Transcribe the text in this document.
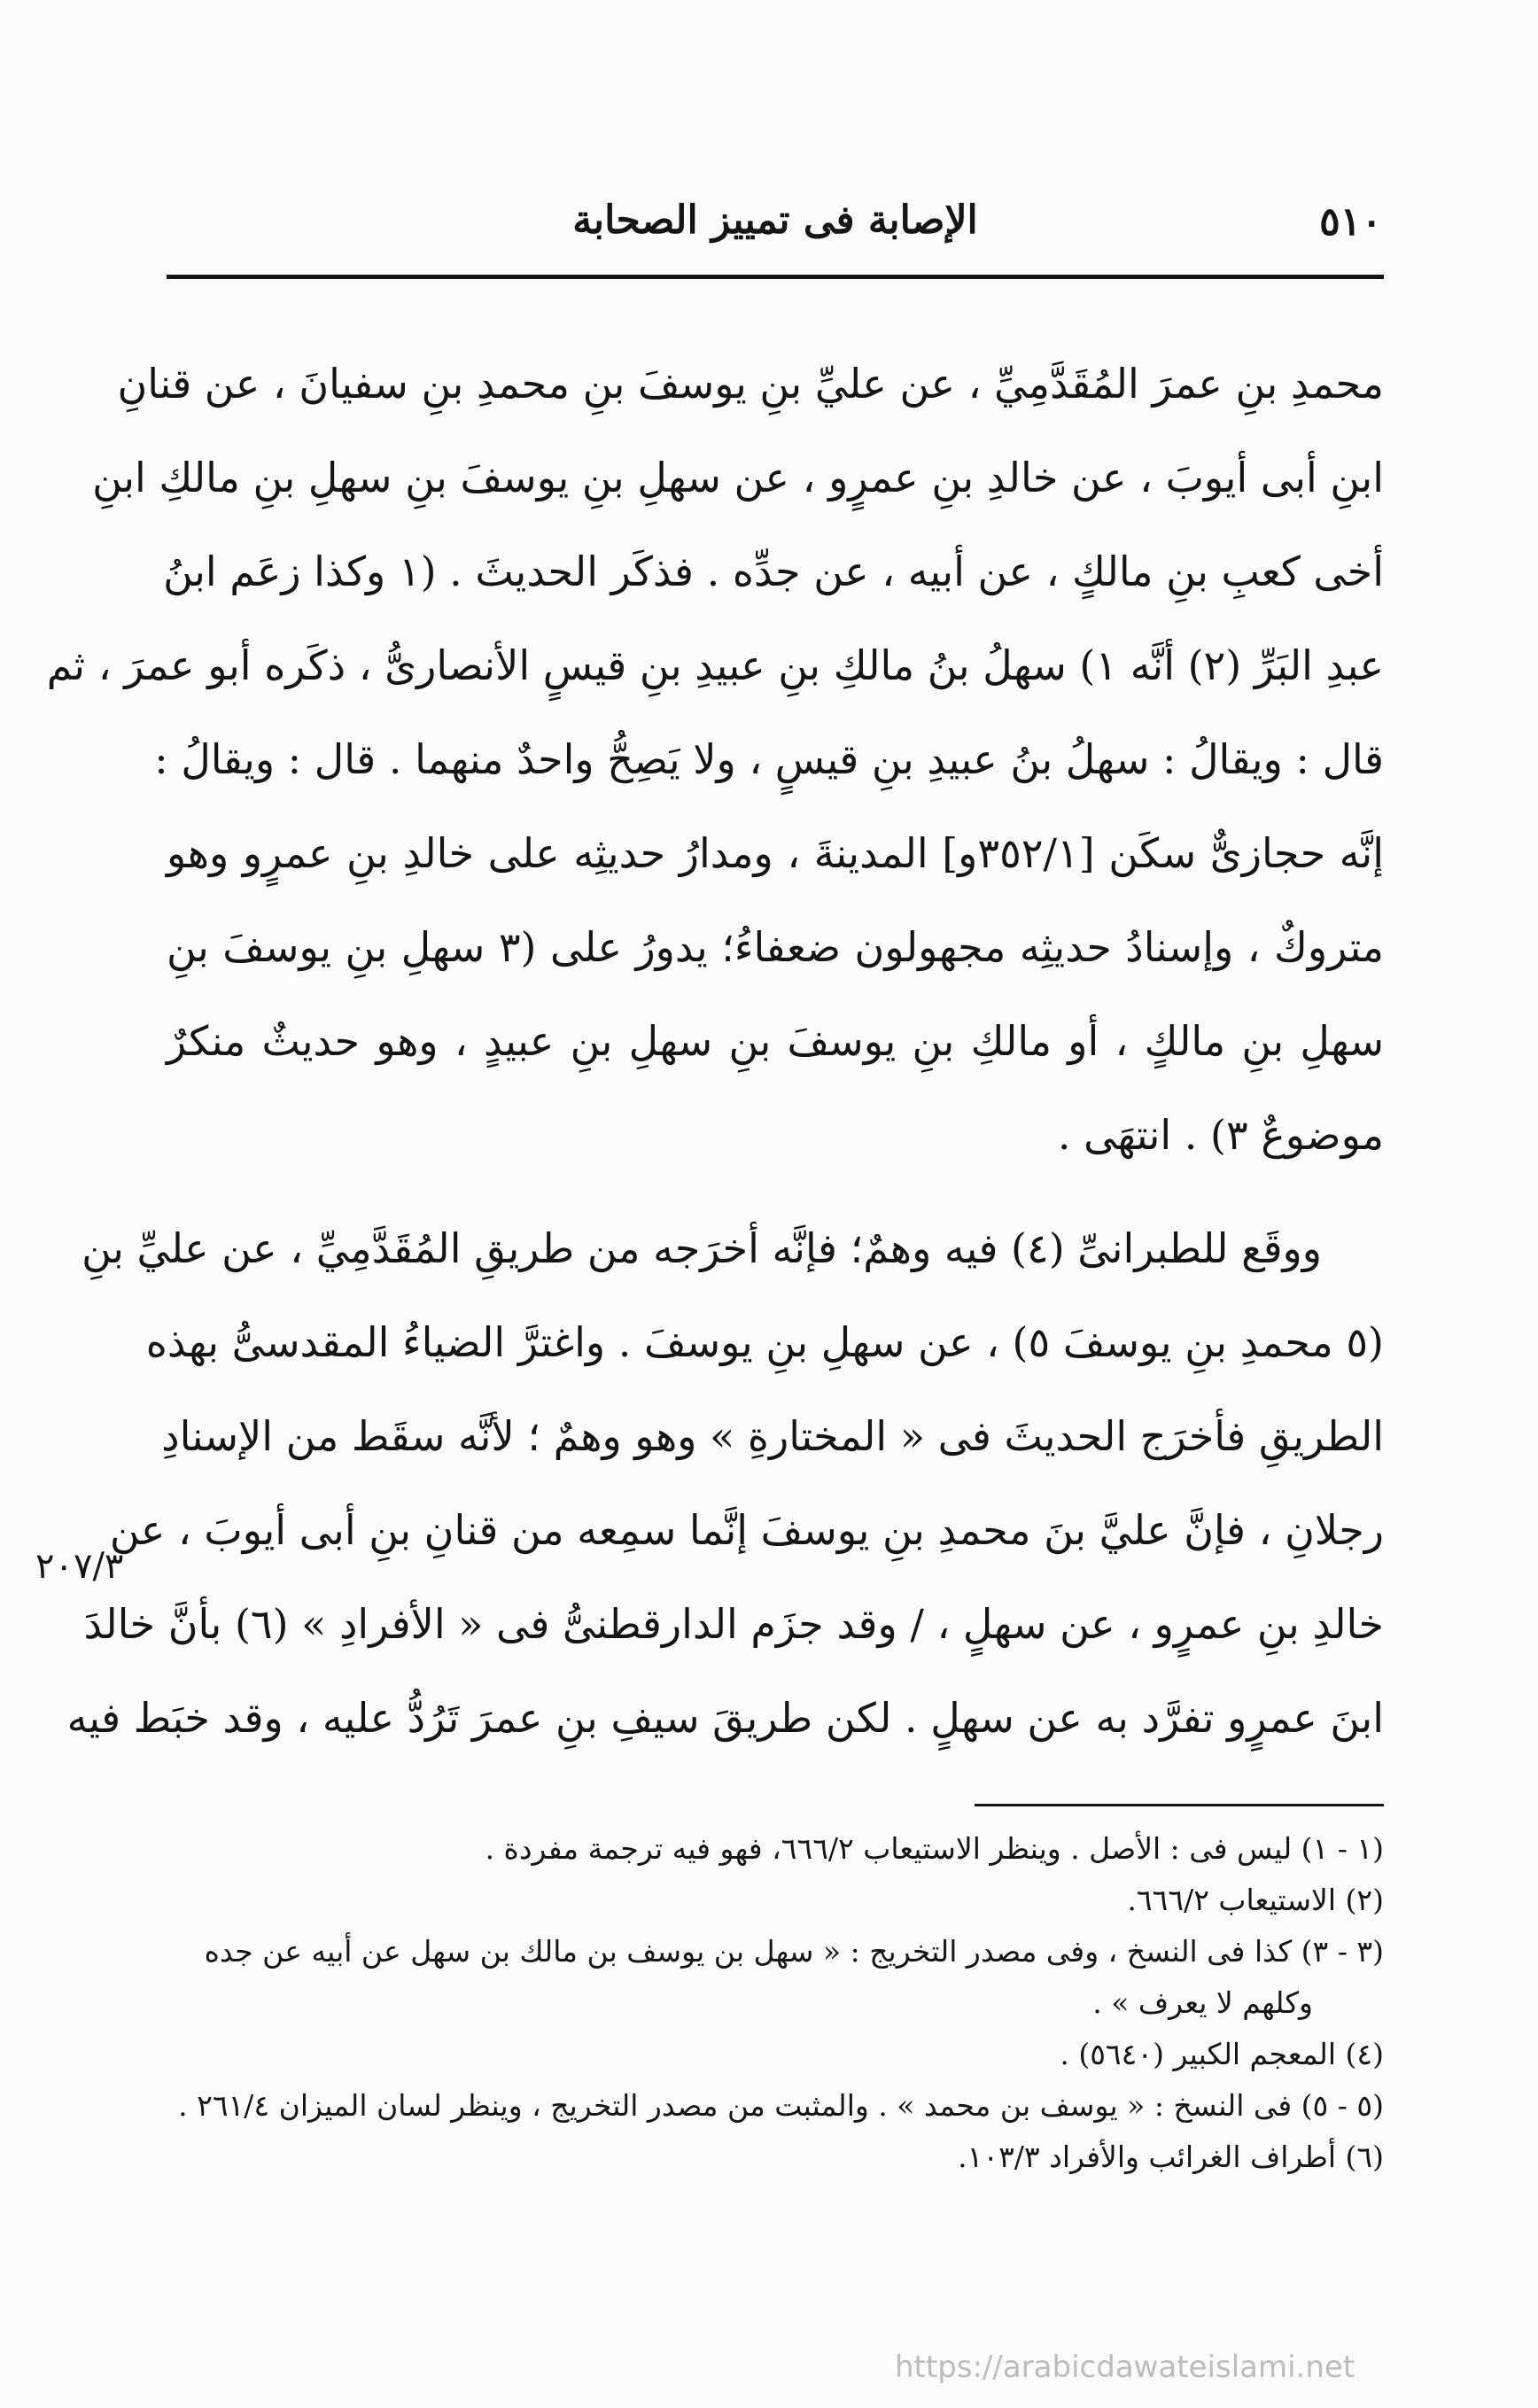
٥١٠
الإصابة فى تمييز الصحابة
محمدِ بنِ عمرَ المُقَدَّمِيِّ ، عن عليِّ بنِ يوسفَ بنِ محمدِ بنِ سفيانَ ، عن قنانِ
ابنِ أبى أيوبَ ، عن خالدِ بنِ عمرٍو ، عن سهلِ بنِ يوسفَ بنِ سهلِ بنِ مالكِ ابنِ
أخى كعبِ بنِ مالكٍ ، عن أبيه ، عن جدِّه . فذكَر الحديثَ . (١ وكذا زعَم ابنُ
عبدِ البَرِّ (٢) أنَّه ١) سهلُ بنُ مالكِ بنِ عبيدِ بنِ قيسٍ الأنصارىُّ ، ذكَره أبو عمرَ ، ثم
قال : ويقالُ : سهلُ بنُ عبيدِ بنِ قيسٍ ، ولا يَصِحُّ واحدٌ منهما . قال : ويقالُ :
إنَّه حجازىٌّ سكَن [٣٥٢/١و] المدينةَ ، ومدارُ حديثِه على خالدِ بنِ عمرٍو وهو
متروكٌ ، وإسنادُ حديثِه مجهولون ضعفاءُ؛ يدورُ على (٣ سهلِ بنِ يوسفَ بنِ
سهلِ بنِ مالكٍ ، أو مالكِ بنِ يوسفَ بنِ سهلِ بنِ عبيدٍ ، وهو حديثٌ منكرٌ
موضوعٌ ٣) . انتهَى .
ووقَع للطبرانىِّ (٤) فيه وهمٌ؛ فإنَّه أخرَجه من طريقِ المُقَدَّمِيِّ ، عن عليِّ بنِ
(٥ محمدِ بنِ يوسفَ ٥) ، عن سهلِ بنِ يوسفَ . واغترَّ الضياءُ المقدسىُّ بهذه
الطريقِ فأخرَج الحديثَ فى « المختارةِ » وهو وهمٌ ؛ لأنَّه سقَط من الإسنادِ
رجلانِ ، فإنَّ عليَّ بنَ محمدِ بنِ يوسفَ إنَّما سمِعه من قنانِ بنِ أبى أيوبَ ، عن
خالدِ بنِ عمرٍو ، عن سهلٍ ، / وقد جزَم الدارقطنىُّ فى « الأفرادِ » (٦) بأنَّ خالدَ
ابنَ عمرٍو تفرَّد به عن سهلٍ . لكن طريقَ سيفِ بنِ عمرَ تَرُدُّ عليه ، وقد خبَط فيه
٢٠٧/٣
(١ - ١) ليس فى : الأصل . وينظر الاستيعاب ٦٦٦/٢، فهو فيه ترجمة مفردة .
(٢) الاستيعاب ٦٦٦/٢.
(٣ - ٣) كذا فى النسخ ، وفى مصدر التخريج : « سهل بن يوسف بن مالك بن سهل عن أبيه عن جده
وكلهم لا يعرف » .
(٤) المعجم الكبير (٥٦٤٠) .
(٥ - ٥) فى النسخ : « يوسف بن محمد » . والمثبت من مصدر التخريج ، وينظر لسان الميزان ٢٦١/٤ .
(٦) أطراف الغرائب والأفراد ١٠٣/٣.
https://arabicdawateislami.net
